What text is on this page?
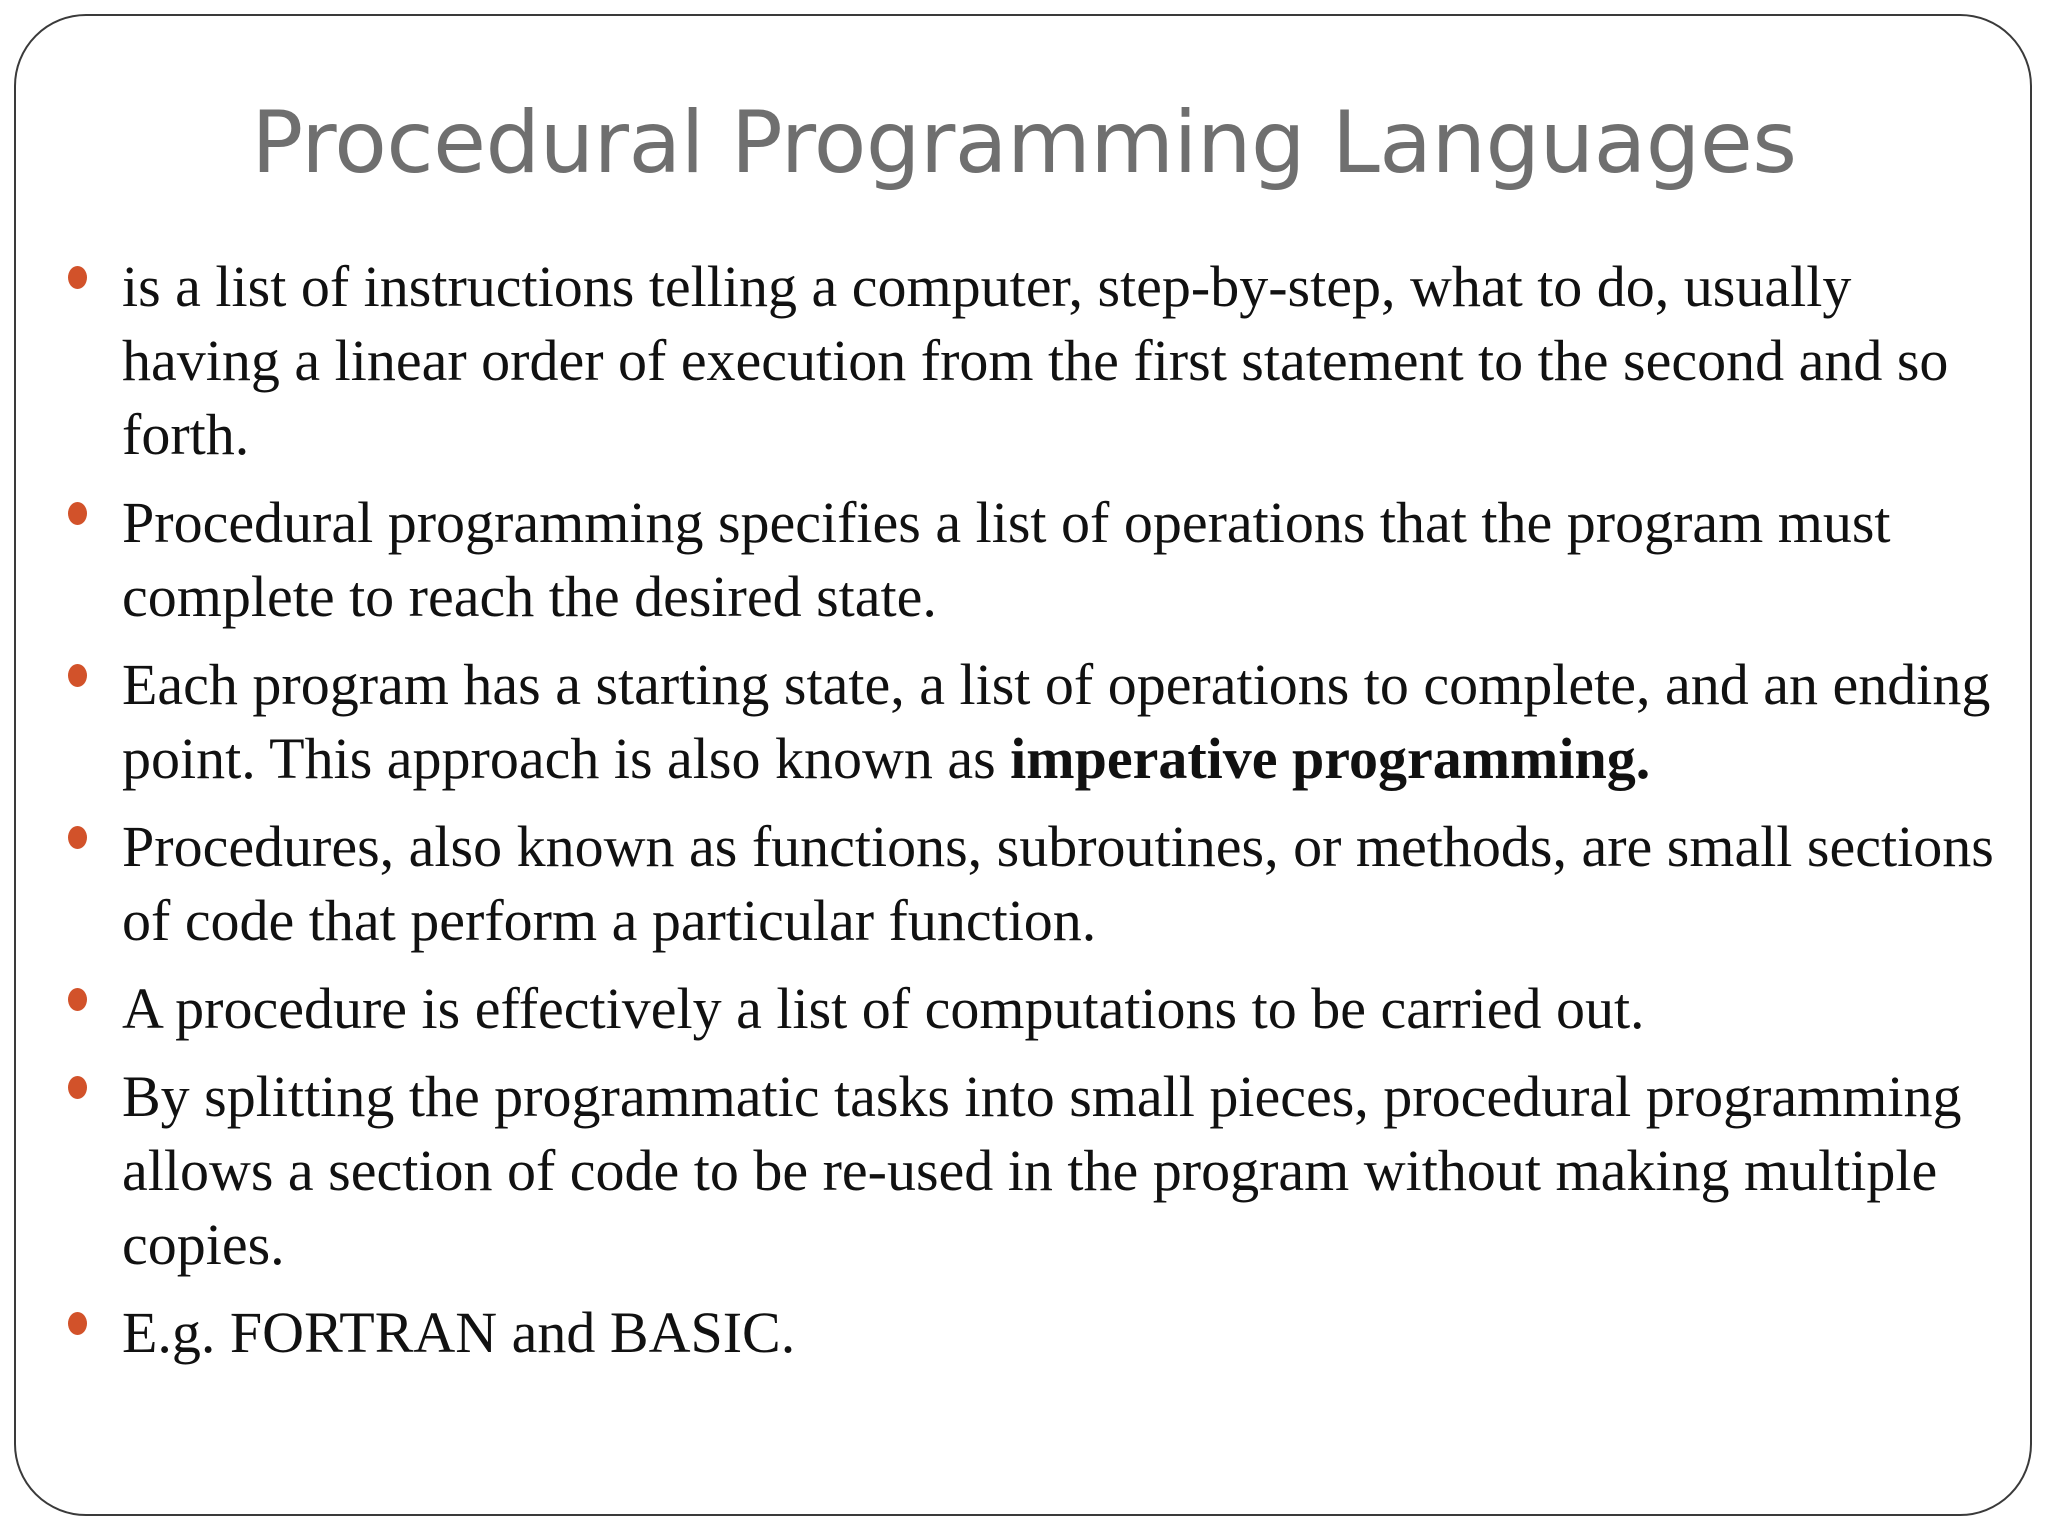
Procedural Programming Languages
is a list of instructions telling a computer, step-by-step, what to do, usually having a linear order of execution from the first statement to the second and so forth.
Procedural programming specifies a list of operations that the program must complete to reach the desired state.
Each program has a starting state, a list of operations to complete, and an ending point. This approach is also known as imperative programming.
Procedures, also known as functions, subroutines, or methods, are small sections of code that perform a particular function.
A procedure is effectively a list of computations to be carried out.
By splitting the programmatic tasks into small pieces, procedural programming allows a section of code to be re-used in the program without making multiple copies.
E.g. FORTRAN and BASIC.
